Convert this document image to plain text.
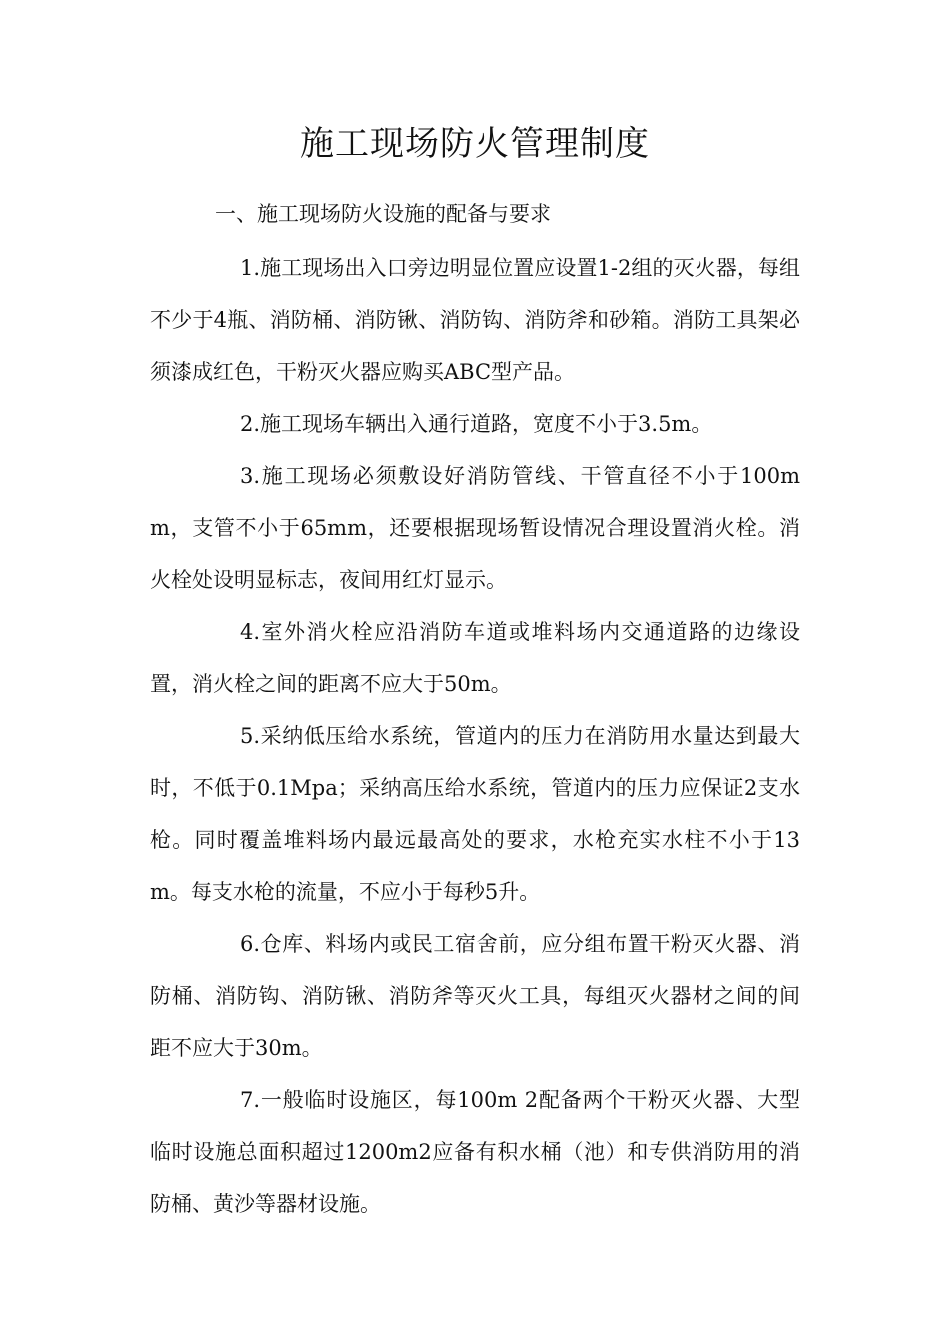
施工现场防火管理制度

一、施工现场防火设施的配备与要求

1.施工现场出入口旁边明显位置应设置1-2组的灭火器，每组不少于4瓶、消防桶、消防锹、消防钩、消防斧和砂箱。消防工具架必须漆成红色，干粉灭火器应购买ABC型产品。

2.施工现场车辆出入通行道路，宽度不小于3.5m。

3.施工现场必须敷设好消防管线、干管直径不小于100mm，支管不小于65mm，还要根据现场暂设情况合理设置消火栓。消火栓处设明显标志，夜间用红灯显示。

4.室外消火栓应沿消防车道或堆料场内交通道路的边缘设置，消火栓之间的距离不应大于50m。

5.采纳低压给水系统，管道内的压力在消防用水量达到最大时，不低于0.1Mpa；采纳高压给水系统，管道内的压力应保证2支水枪。同时覆盖堆料场内最远最高处的要求，水枪充实水柱不小于13m。每支水枪的流量，不应小于每秒5升。

6.仓库、料场内或民工宿舍前，应分组布置干粉灭火器、消防桶、消防钩、消防锹、消防斧等灭火工具，每组灭火器材之间的间距不应大于30m。

7.一般临时设施区，每100m 2配备两个干粉灭火器、大型临时设施总面积超过1200m2应备有积水桶（池）和专供消防用的消防桶、黄沙等器材设施。
